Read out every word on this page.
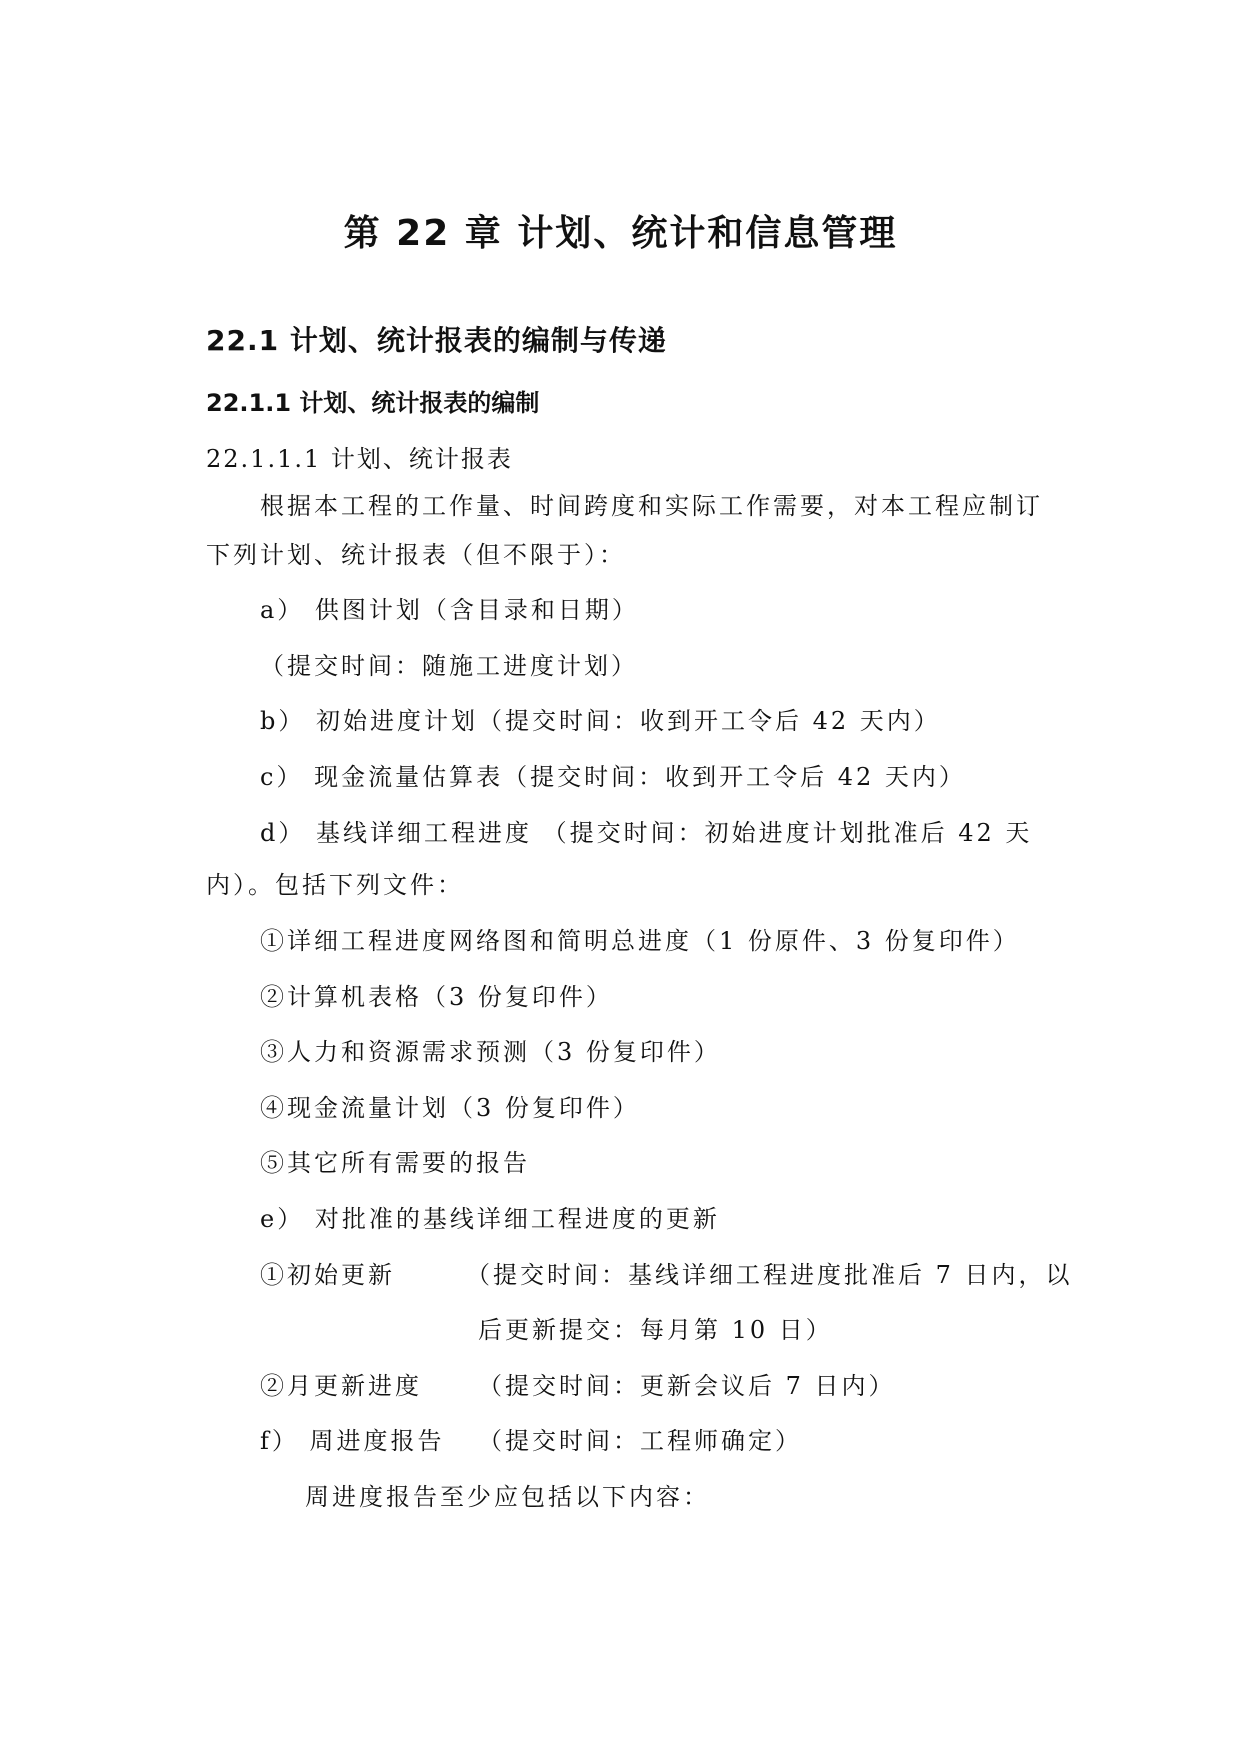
第 22 章 计划、统计和信息管理
22.1 计划、统计报表的编制与传递
22.1.1 计划、统计报表的编制
22.1.1.1 计划、统计报表
根据本工程的工作量、时间跨度和实际工作需要，对本工程应制订
下列计划、统计报表（但不限于）：
a） 供图计划（含目录和日期）
（提交时间：随施工进度计划）
b） 初始进度计划（提交时间：收到开工令后 42 天内）
c） 现金流量估算表（提交时间：收到开工令后 42 天内）
d） 基线详细工程进度 （提交时间：初始进度计划批准后 42 天
内）。包括下列文件：
①详细工程进度网络图和简明总进度（1 份原件、3 份复印件）
②计算机表格（3 份复印件）
③人力和资源需求预测（3 份复印件）
④现金流量计划（3 份复印件）
⑤其它所有需要的报告
e） 对批准的基线详细工程进度的更新
①初始更新	（提交时间：基线详细工程进度批准后 7 日内，以
后更新提交：每月第 10 日）
②月更新进度 （提交时间：更新会议后 7 日内）
f） 周进度报告 （提交时间：工程师确定）
周进度报告至少应包括以下内容：
